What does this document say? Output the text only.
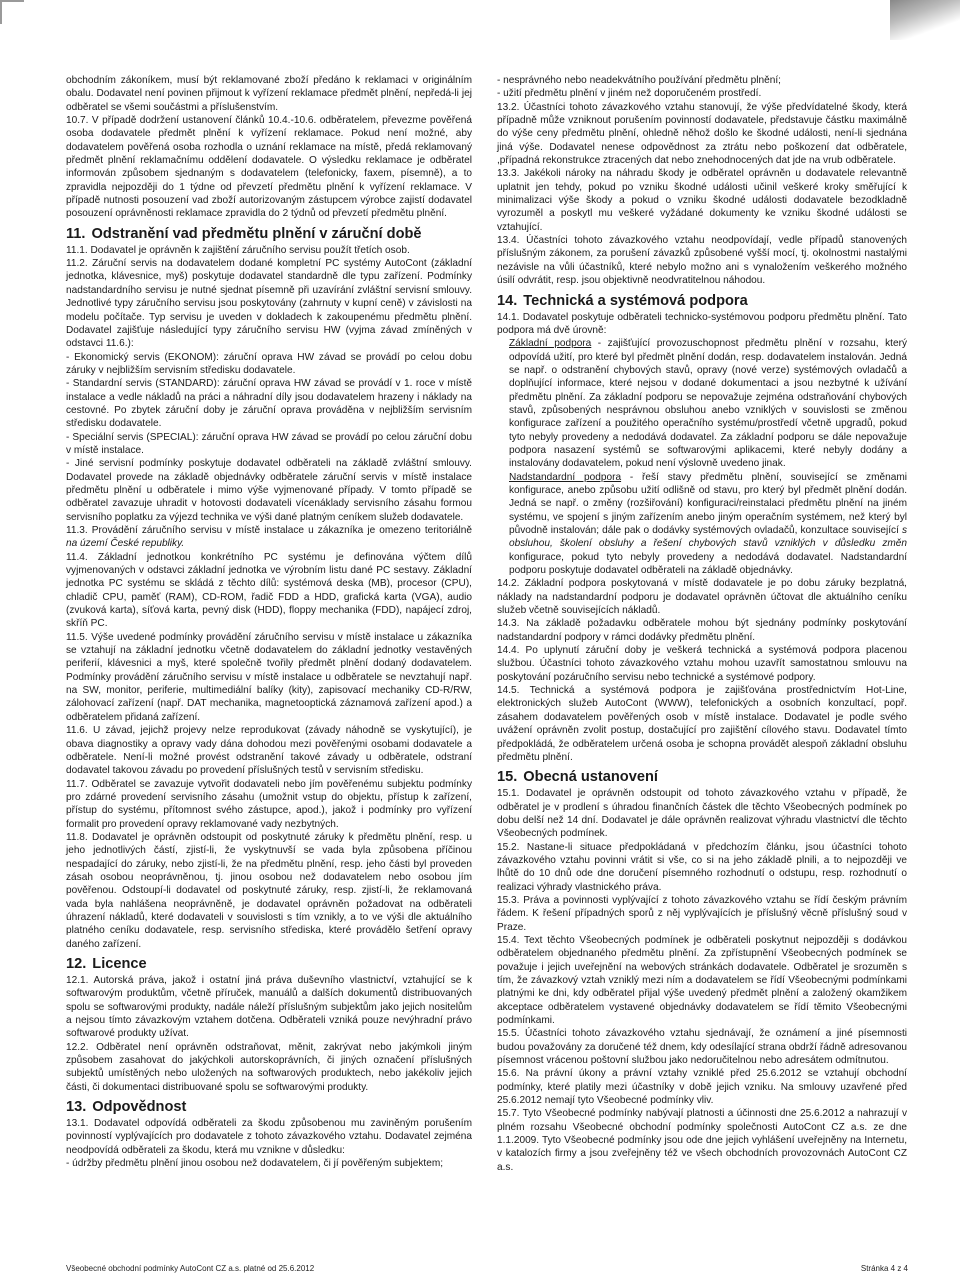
obchodním zákoníkem, musí být reklamované zboží předáno k reklamaci v originálním obalu. Dodavatel není povinen přijmout k vyřízení reklamace předmět plnění, nepředá-li jej odběratel se všemi součástmi a příslušenstvím.

10.7. V případě dodržení ustanovení článků 10.4.-10.6. odběratelem, převezme pověřená osoba dodavatele předmět plnění k vyřízení reklamace. Pokud není možné, aby dodavatelem pověřená osoba rozhodla o uznání reklamace na místě, předá reklamovaný předmět plnění reklamačnímu oddělení dodavatele. O výsledku reklamace je odběratel informován způsobem sjednaným s dodavatelem (telefonicky, faxem, písemně), a to zpravidla nejpozději do 1 týdne od převzetí předmětu plnění k vyřízení reklamace. V případě nutnosti posouzení vad zboží autorizovaným zástupcem výrobce zajistí dodavatel posouzení oprávněnosti reklamace zpravidla do 2 týdnů od převzetí předmětu plnění.

11. Odstranění vad předmětu plnění v záruční době

11.1. Dodavatel je oprávněn k zajištění záručního servisu použít třetích osob.

11.2. Záruční servis na dodavatelem dodané kompletní PC systémy AutoCont (základní jednotka, klávesnice, myš) poskytuje dodavatel standardně dle typu zařízení. Podmínky nadstandardního servisu je nutné sjednat písemně při uzavírání zvláštní servisní smlouvy. Jednotlivé typy záručního servisu jsou poskytovány (zahrnuty v kupní ceně) v závislosti na modelu počítače. Typ servisu je uveden v dokladech k zakoupenému předmětu plnění. Dodavatel zajišťuje následující typy záručního servisu HW (vyjma závad zmíněných v odstavci 11.6.):

- Ekonomický servis (EKONOM): záruční oprava HW závad se provádí po celou dobu záruky v nejbližším servisním středisku dodavatele.

- Standardní servis (STANDARD): záruční oprava HW závad se provádí v 1. roce v místě instalace a vedle nákladů na práci a náhradní díly jsou dodavatelem hrazeny i náklady na cestovné. Po zbytek záruční doby je záruční oprava prováděna v nejbližším servisním středisku dodavatele.

- Speciální servis (SPECIAL): záruční oprava HW závad se provádí po celou záruční dobu v místě instalace.

- Jiné servisní podmínky poskytuje dodavatel odběrateli na základě zvláštní smlouvy. Dodavatel provede na základě objednávky odběratele záruční servis v místě instalace předmětu plnění u odběratele i mimo výše vyjmenované případy. V tomto případě se odběratel zavazuje uhradit v hotovosti dodavateli vícenáklady servisního zásahu formou servisního poplatku za výjezd technika ve výši dané platným ceníkem služeb dodavatele.

11.3. Provádění záručního servisu v místě instalace u zákazníka je omezeno teritoriálně na území České republiky.

11.4. Základní jednotkou konkrétního PC systému je definována výčtem dílů vyjmenovaných v odstavci základní jednotka ve výrobním listu dané PC sestavy. Základní jednotka PC systému se skládá z těchto dílů: systémová deska (MB), procesor (CPU), chladič CPU, paměť (RAM), CD-ROM, řadič FDD a HDD, grafická karta (VGA), audio (zvuková karta), síťová karta, pevný disk (HDD), floppy mechanika (FDD), napájecí zdroj, skříň PC.

11.5. Výše uvedené podmínky provádění záručního servisu v místě instalace u zákazníka se vztahují na základní jednotku včetně dodavatelem do základní jednotky vestavěných periferií, klávesnici a myš, které společně tvořily předmět plnění dodaný dodavatelem. Podmínky provádění záručního servisu v místě instalace u odběratele se nevztahují např. na SW, monitor, periferie, multimediální balíky (kity), zapisovací mechaniky CD-R/RW, zálohovací zařízení (např. DAT mechanika, magnetooptická záznamová zařízení apod.) a odběratelem přidaná zařízení.

11.6. U závad, jejichž projevy nelze reprodukovat (závady náhodně se vyskytující), je obava diagnostiky a opravy vady dána dohodou mezi pověřenými osobami dodavatele a odběratele. Není-li možné provést odstranění takové závady u odběratele, odstraní dodavatel takovou závadu po provedení příslušných testů v servisním středisku.

11.7. Odběratel se zavazuje vytvořit dodavateli nebo jím pověřenému subjektu podmínky pro zdárné provedení servisního zásahu (umožnit vstup do objektu, přístup k zařízení, přístup do systému, přítomnost svého zástupce, apod.), jakož i podmínky pro vyřízení formalit pro provedení opravy reklamované vady nezbytných.

11.8. Dodavatel je oprávněn odstoupit od poskytnuté záruky k předmětu plnění, resp. u jeho jednotlivých částí, zjistí-li, že vyskytnuvší se vada byla způsobena příčinou nespadající do záruky, nebo zjistí-li, že na předmětu plnění, resp. jeho části byl proveden zásah osobou neoprávněnou, tj. jinou osobou než dodavatelem nebo osobou jím pověřenou. Odstoupí-li dodavatel od poskytnuté záruky, resp. zjistí-li, že reklamovaná vada byla nahlášena neoprávněně, je dodavatel oprávněn požadovat na odběrateli úhrazení nákladů, které dodavateli v souvislosti s tím vznikly, a to ve výši dle aktuálního platného ceníku dodavatele, resp. servisního střediska, které provádělo šetření opravy daného zařízení.

12. Licence

12.1. Autorská práva, jakož i ostatní jiná práva duševního vlastnictví, vztahující se k softwarovým produktům, včetně příruček, manuálů a dalších dokumentů distribuovaných spolu se softwarovými produkty, nadále náleží příslušným subjektům jako jejich nositelům a nejsou tímto závazkovým vztahem dotčena. Odběrateli vzniká pouze nevýhradní právo softwarové produkty užívat.

12.2. Odběratel není oprávněn odstraňovat, měnit, zakrývat nebo jakýmkoli jiným způsobem zasahovat do jakýchkoli autorskoprávních, či jiných označení příslušných subjektů umístěných nebo uložených na softwarových produktech, nebo jakékoliv jejich části, či dokumentaci distribuované spolu se softwarovými produkty.

13. Odpovědnost

13.1. Dodavatel odpovídá odběrateli za škodu způsobenou mu zaviněným porušením povinností vyplývajících pro dodavatele z tohoto závazkového vztahu. Dodavatel zejména neodpovídá odběrateli za škodu, která mu vznikne v důsledku:

- údržby předmětu plnění jinou osobou než dodavatelem, či jí pověřeným subjektem;

- nesprávného nebo neadekvátního používání předmětu plnění;

- užití předmětu plnění v jiném než doporučeném prostředí.

13.2. Účastníci tohoto závazkového vztahu stanovují, že výše předvídatelné škody, která případně může vzniknout porušením povinností dodavatele, představuje částku maximálně do výše ceny předmětu plnění, ohledně něhož došlo ke škodné události, není-li sjednána jiná výše. Dodavatel nenese odpovědnost za ztrátu nebo poškození dat odběratele, ,případná rekonstrukce ztracených dat nebo znehodnocených dat jde na vrub odběratele.

13.3. Jakékoli nároky na náhradu škody je odběratel oprávněn u dodavatele relevantně uplatnit jen tehdy, pokud po vzniku škodné události učinil veškeré kroky směřující k minimalizaci výše škody a pokud o vzniku škodné události dodavatele bezodkladně vyrozuměl a poskytl mu veškeré vyžádané dokumenty ke vzniku škodné události se vztahující.

13.4. Účastníci tohoto závazkového vztahu neodpovídají, vedle případů stanovených příslušným zákonem, za porušení závazků způsobené vyšší mocí, tj. okolnostmi nastalými nezávisle na vůli účastníků, které nebylo možno ani s vynaložením veškerého možného úsilí odvrátit, resp. jsou objektivně neodvratitelnou náhodou.

14. Technická a systémová podpora

14.1. Dodavatel poskytuje odběrateli technicko-systémovou podporu předmětu plnění. Tato podpora má dvě úrovně:

Základní podpora - zajišťující provozuschopnost předmětu plnění v rozsahu, který odpovídá užití, pro které byl předmět plnění dodán, resp. dodavatelem instalován. Jedná se např. o odstranění chybových stavů, opravy (nové verze) systémových ovladačů a doplňující informace, které nejsou v dodané dokumentaci a jsou nezbytné k užívání předmětu plnění. Za základní podporu se nepovažuje zejména odstraňování chybových stavů, způsobených nesprávnou obsluhou anebo vzniklých v souvislosti se změnou konfigurace zařízení a použitého operačního systému/prostředí včetně upgradů, pokud tyto nebyly provedeny a nedodává dodavatel. Za základní podporu se dále nepovažuje podpora nasazení systémů se softwarovými aplikacemi, které nebyly dodány a instalovány dodavatelem, pokud není výslovně uvedeno jinak.

Nadstandardní podpora - řeší stavy předmětu plnění, související se změnami konfigurace, anebo způsobu užití odlišně od stavu, pro který byl předmět plnění dodán. Jedná se např. o změny (rozšiřování) konfiguraci/reinstalaci předmětu plnění na jiném systému, ve spojení s jiným zařízením anebo jiným operačním systémem, než který byl původně instalován; dále pak o dodávky systémových ovladačů, konzultace související s obsluhou, školení obsluhy a řešení chybových stavů vzniklých v důsledku změn konfigurace, pokud tyto nebyly provedeny a nedodává dodavatel. Nadstandardní podporu poskytuje dodavatel odběrateli na základě objednávky.

14.2. Základní podpora poskytovaná v místě dodavatele je po dobu záruky bezplatná, náklady na nadstandardní podporu je dodavatel oprávněn účtovat dle aktuálního ceníku služeb včetně souvisejících nákladů.

14.3. Na základě požadavku odběratele mohou být sjednány podmínky poskytování nadstandardní podpory v rámci dodávky předmětu plnění.

14.4. Po uplynutí záruční doby je veškerá technická a systémová podpora placenou službou. Účastníci tohoto závazkového vztahu mohou uzavřít samostatnou smlouvu na poskytování pozáručního servisu nebo technické a systémové podpory.

14.5. Technická a systémová podpora je zajišťována prostřednictvím Hot-Line, elektronických služeb AutoCont (WWW), telefonických a osobních konzultací, popř. zásahem dodavatelem pověřených osob v místě instalace. Dodavatel je podle svého uvážení oprávněn zvolit postup, dostačující pro zajištění cílového stavu. Dodavatel tímto předpokládá, že odběratelem určená osoba je schopna provádět alespoň základní obsluhu předmětu plnění.

15. Obecná ustanovení

15.1. Dodavatel je oprávněn odstoupit od tohoto závazkového vztahu v případě, že odběratel je v prodlení s úhradou finančních částek dle těchto Všeobecných podmínek po dobu delší než 14 dní. Dodavatel je dále oprávněn realizovat výhradu vlastnictví dle těchto Všeobecných podmínek.

15.2. Nastane-li situace předpokládaná v předchozím článku, jsou účastníci tohoto závazkového vztahu povinni vrátit si vše, co si na jeho základě plnili, a to nejpozději ve lhůtě do 10 dnů ode dne doručení písemného rozhodnutí o odstupu, resp. rozhodnutí o realizaci výhrady vlastnického práva.

15.3. Práva a povinnosti vyplývající z tohoto závazkového vztahu se řídí českým právním řádem. K řešení případných sporů z něj vyplývajících je příslušný věcně příslušný soud v Praze.

15.4. Text těchto Všeobecných podmínek je odběrateli poskytnut nejpozději s dodávkou odběratelem objednaného předmětu plnění. Za zpřístupnění Všeobecných podmínek se považuje i jejich uveřejnění na webových stránkách dodavatele. Odběratel je srozuměn s tím, že závazkový vztah vzniklý mezi ním a dodavatelem se řídí Všeobecnými podmínkami platnými ke dni, kdy odběratel přijal výše uvedený předmět plnění a založený okamžikem akceptace odběratelem vystavené objednávky dodavatelem se řídí těmito Všeobecnými podmínkami.

15.5. Účastníci tohoto závazkového vztahu sjednávají, že oznámení a jiné písemnosti budou považovány za doručené též dnem, kdy odesílající strana obdrží řádně adresovanou písemnost vrácenou poštovní službou jako nedoručitelnou nebo adresátem odmítnutou.

15.6. Na právní úkony a právní vztahy vzniklé před 25.6.2012 se vztahují obchodní podmínky, které platily mezi účastníky v době jejich vzniku. Na smlouvy uzavřené před 25.6.2012 nemají tyto Všeobecné podmínky vliv.

15.7. Tyto Všeobecné podmínky nabývají platnosti a účinnosti dne 25.6.2012 a nahrazují v plném rozsahu Všeobecné obchodní podmínky společnosti AutoCont CZ a.s. ze dne 1.1.2009. Tyto Všeobecné podmínky jsou ode dne jejich vyhlášení uveřejněny na Internetu, v katalozích firmy a jsou zveřejněny též ve všech obchodních provozovnách AutoCont CZ a.s.

Všeobecné obchodní podmínky AutoCont CZ a.s. platné od 25.6.2012	Stránka 4 z 4
